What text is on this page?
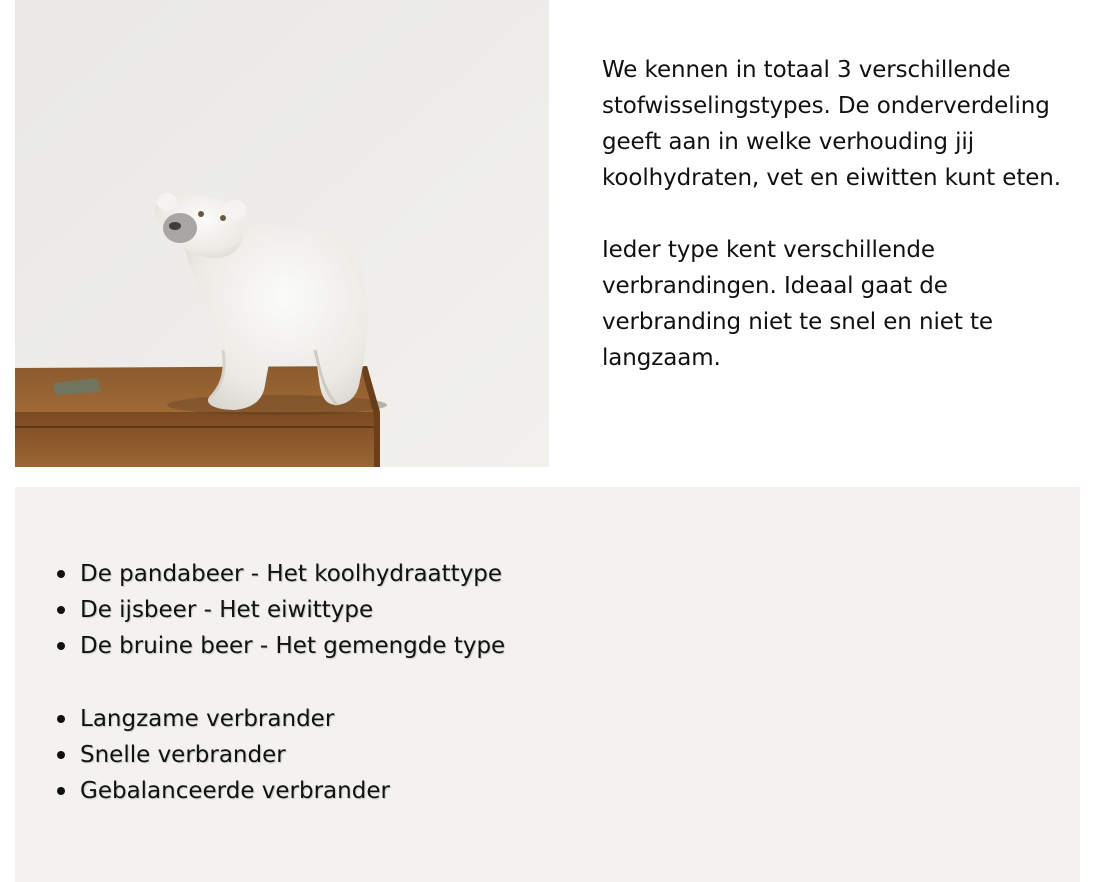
We kennen in totaal 3 verschillende stofwisselingstypes. De onderverdeling geeft aan in welke verhouding jij koolhydraten, vet en eiwitten kunt eten.

Ieder type kent verschillende verbrandingen. Ideaal gaat de verbranding niet te snel en niet te langzaam.

De pandabeer - Het koolhydraattype
De ijsbeer - Het eiwittype
De bruine beer - Het gemengde type
Langzame verbrander
Snelle verbrander
Gebalanceerde verbrander
